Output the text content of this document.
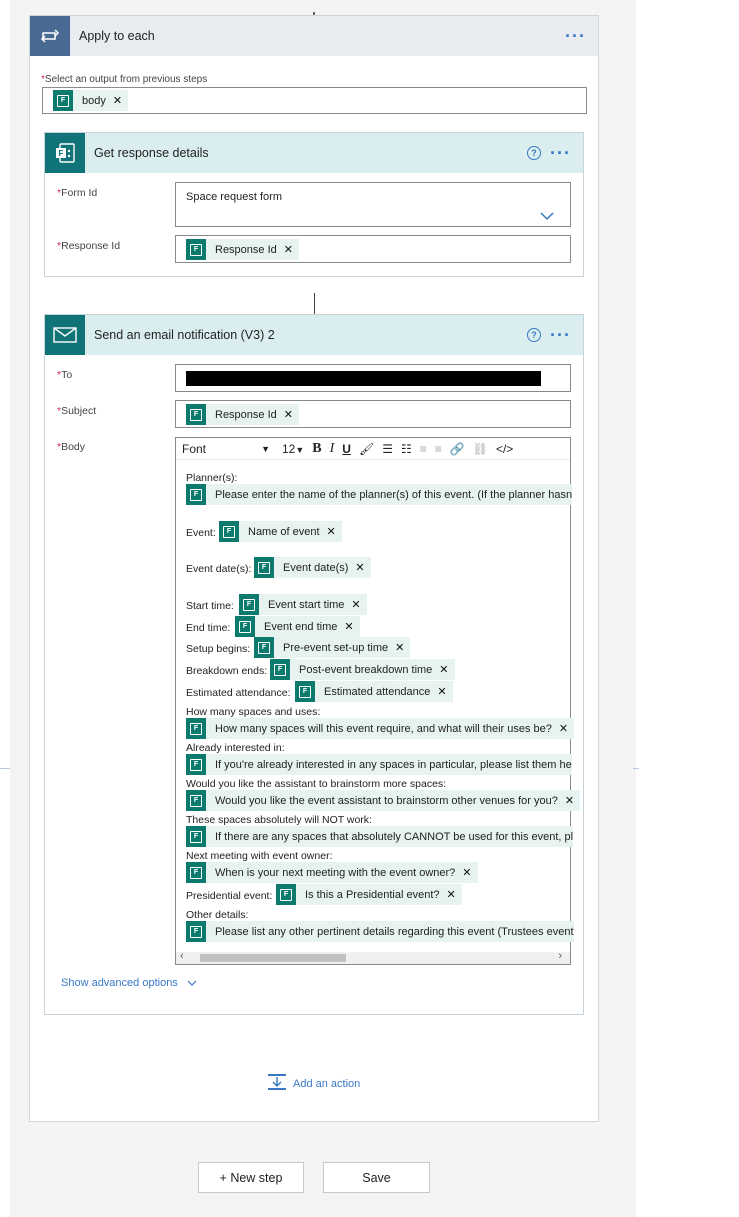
Apply to each	···
*Select an output from previous steps
F	body ✕
F Get response details	? ···
*Form Id	Space request form
*Response Id	F	Response Id ✕
Send an email notification (V3) 2	? ···
*To
*Subject	F	Response Id ✕
*Body	Font	▼ 12▼ B I U 🖌 ☰ ☷ ≡ ≡ 🔗 ⛓ </>
Planner(s):
F	Please enter the name of the planner(s) of this event. (If the planner hasn
Event:	F	Name of event ✕
Event date(s):	F	Event date(s) ✕
Start time:	F	Event start time ✕
End time:	F	Event end time ✕
Setup begins:	F	Pre-event set-up time ✕
Breakdown ends:	F	Post-event breakdown time ✕
Estimated attendance:	F	Estimated attendance ✕
How many spaces and uses:
F	How many spaces will this event require, and what will their uses be? ✕
Already interested in:
F	If you're already interested in any spaces in particular, please list them he
Would you like the assistant to brainstorm more spaces:
F	Would you like the event assistant to brainstorm other venues for you? ✕
These spaces absolutely will NOT work:
F	If there are any spaces that absolutely CANNOT be used for this event, pl
Next meeting with event owner:
F	When is your next meeting with the event owner? ✕
Presidential event:	F	Is this a Presidential event? ✕
Other details:
F	Please list any other pertinent details regarding this event (Trustees event
‹	›
Show advanced options
Add an action
+ New step	Save
